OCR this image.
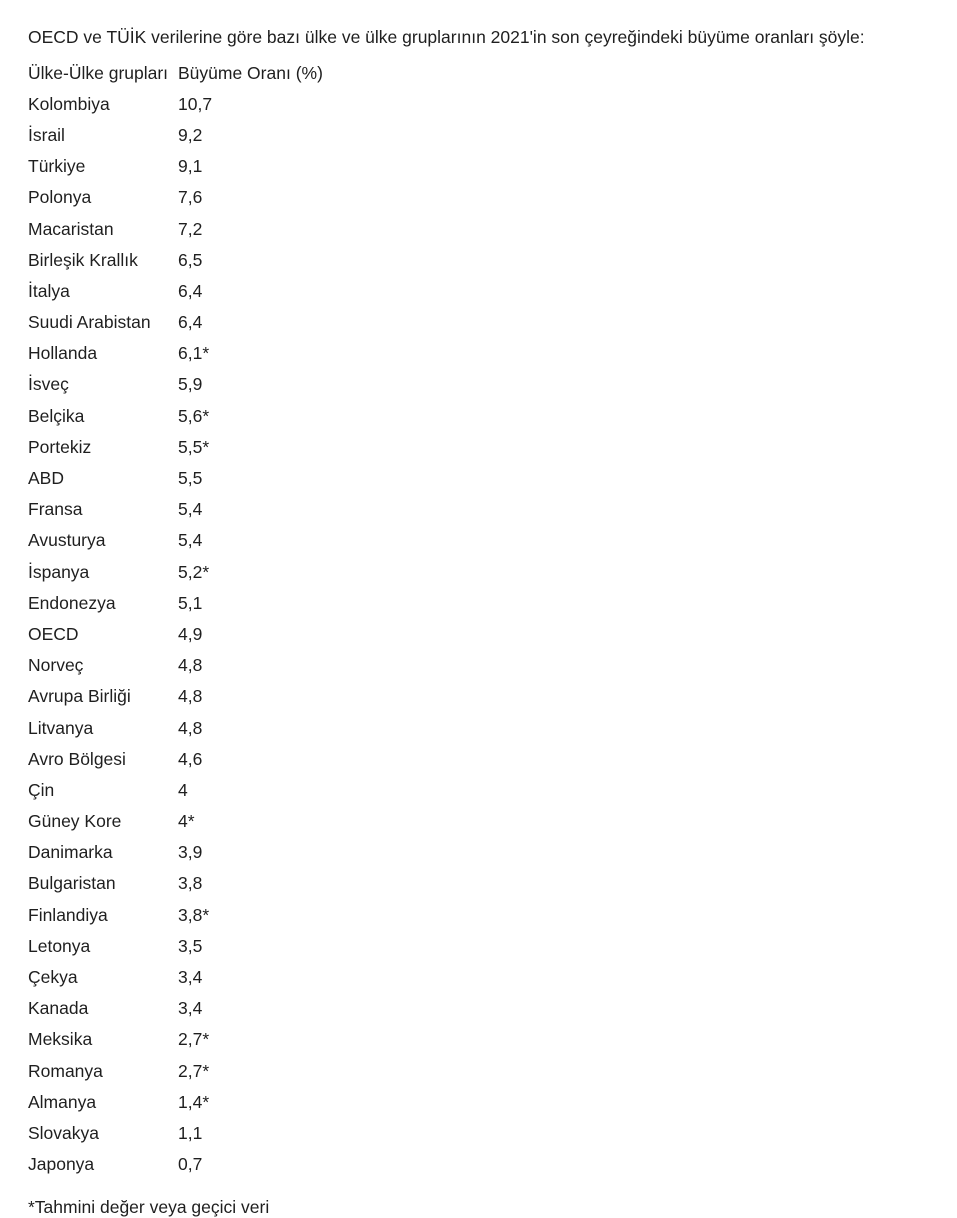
OECD ve TÜİK verilerine göre bazı ülke ve ülke gruplarının 2021'in son çeyreğindeki büyüme oranları şöyle:

Ülke-Ülke grupları	Büyüme Oranı (%)
Kolombiya	10,7
İsrail	9,2
Türkiye	9,1
Polonya	7,6
Macaristan	7,2
Birleşik Krallık	6,5
İtalya	6,4
Suudi Arabistan	6,4
Hollanda	6,1*
İsveç	5,9
Belçika	5,6*
Portekiz	5,5*
ABD	5,5
Fransa	5,4
Avusturya	5,4
İspanya	5,2*
Endonezya	5,1
OECD	4,9
Norveç	4,8
Avrupa Birliği	4,8
Litvanya	4,8
Avro Bölgesi	4,6
Çin	4
Güney Kore	4*
Danimarka	3,9
Bulgaristan	3,8
Finlandiya	3,8*
Letonya	3,5
Çekya	3,4
Kanada	3,4
Meksika	2,7*
Romanya	2,7*
Almanya	1,4*
Slovakya	1,1
Japonya	0,7

*Tahmini değer veya geçici veri
